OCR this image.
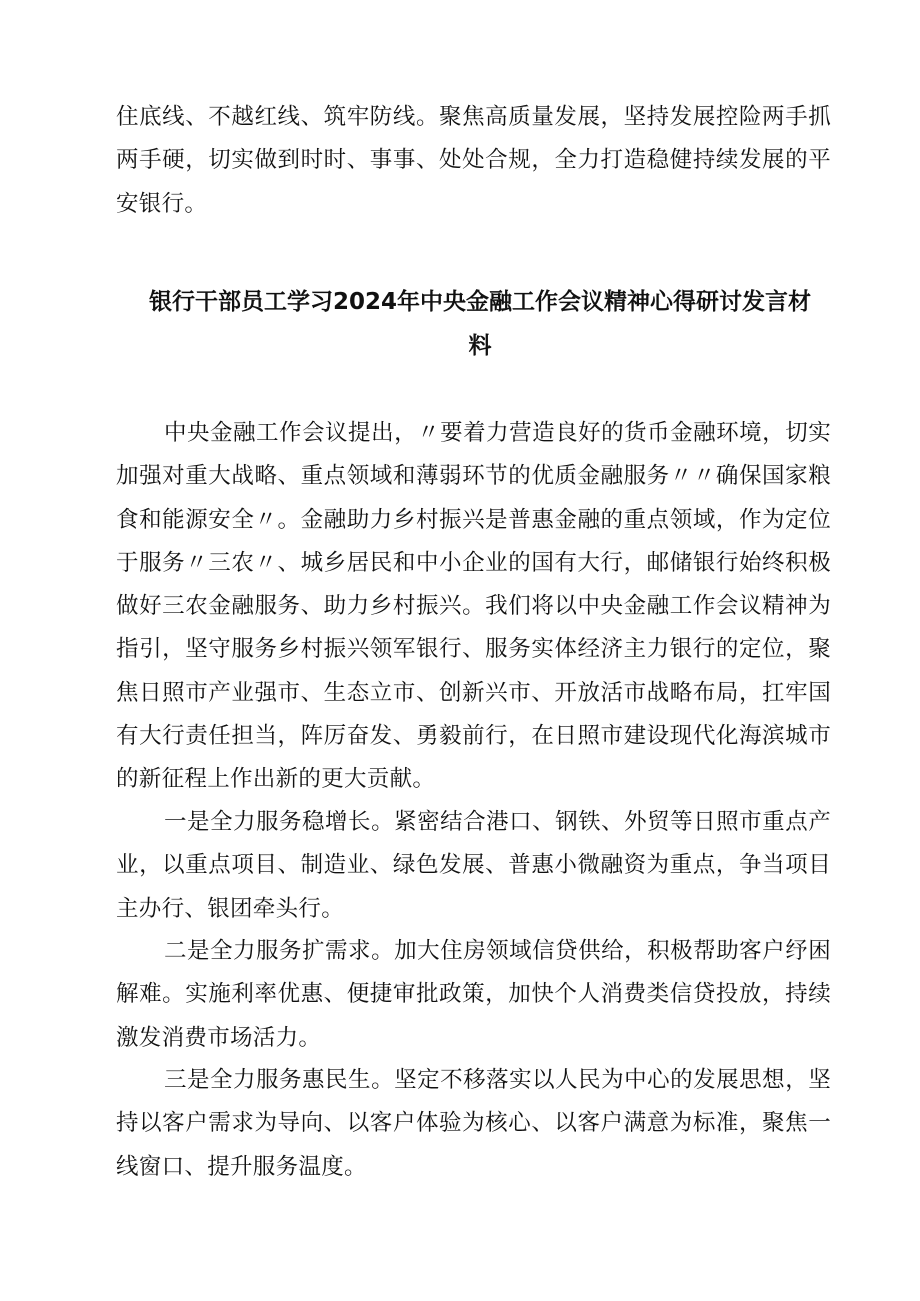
住底线、不越红线、筑牢防线。聚焦高质量发展，坚持发展控险两手抓两手硬，切实做到时时、事事、处处合规，全力打造稳健持续发展的平安银行。

银行干部员工学习2024年中央金融工作会议精神心得研讨发言材料

中央金融工作会议提出，〃要着力营造良好的货币金融环境，切实加强对重大战略、重点领域和薄弱环节的优质金融服务〃〃确保国家粮食和能源安全〃。金融助力乡村振兴是普惠金融的重点领域，作为定位于服务〃三农〃、城乡居民和中小企业的国有大行，邮储银行始终积极做好三农金融服务、助力乡村振兴。我们将以中央金融工作会议精神为指引，坚守服务乡村振兴领军银行、服务实体经济主力银行的定位，聚焦日照市产业强市、生态立市、创新兴市、开放活市战略布局，扛牢国有大行责任担当，阵厉奋发、勇毅前行，在日照市建设现代化海滨城市的新征程上作出新的更大贡献。

一是全力服务稳增长。紧密结合港口、钢铁、外贸等日照市重点产业，以重点项目、制造业、绿色发展、普惠小微融资为重点，争当项目主办行、银团牵头行。

二是全力服务扩需求。加大住房领域信贷供给，积极帮助客户纾困解难。实施利率优惠、便捷审批政策，加快个人消费类信贷投放，持续激发消费市场活力。

三是全力服务惠民生。坚定不移落实以人民为中心的发展思想，坚持以客户需求为导向、以客户体验为核心、以客户满意为标准，聚焦一线窗口、提升服务温度。
